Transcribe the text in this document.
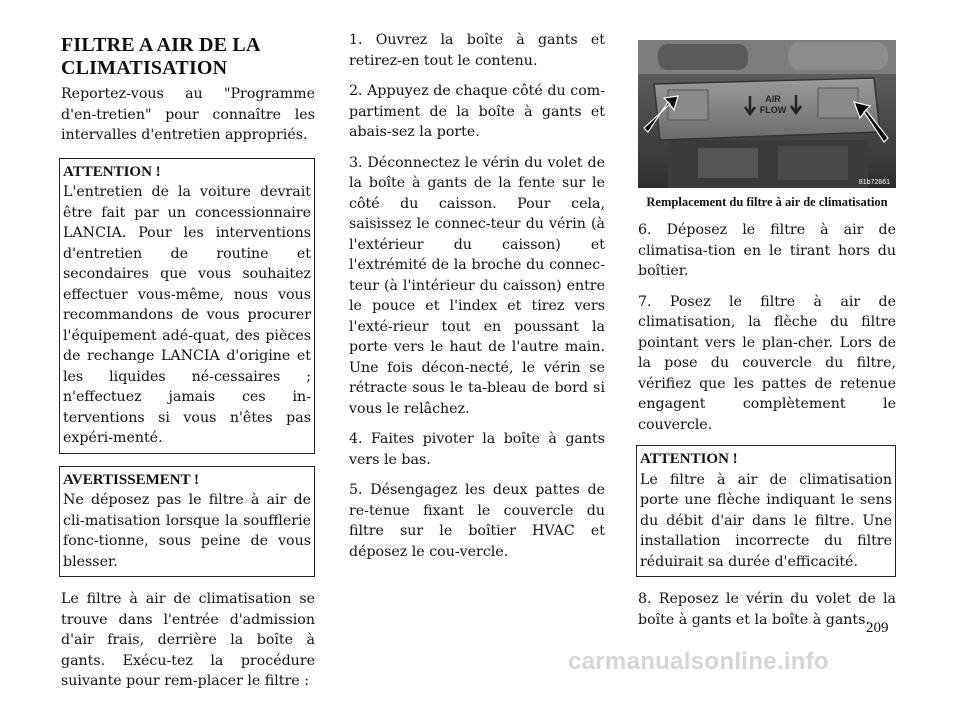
FILTRE A AIR DE LA CLIMATISATION

Reportez-vous au "Programme d'en-tretien" pour connaître les intervalles d'entretien appropriés.

ATTENTION !
L'entretien de la voiture devrait être fait par un concessionnaire LANCIA. Pour les interventions d'entretien de routine et secondaires que vous souhaitez effectuer vous-même, nous vous recommandons de vous procurer l'équipement adé-quat, des pièces de rechange LANCIA d'origine et les liquides né-cessaires ; n'effectuez jamais ces in-terventions si vous n'êtes pas expéri-menté.
AVERTISSEMENT !
Ne déposez pas le filtre à air de cli-matisation lorsque la soufflerie fonc-tionne, sous peine de vous blesser.

Le filtre à air de climatisation se trouve dans l'entrée d'admission d'air frais, derrière la boîte à gants. Exécu-tez la procédure suivante pour rem-placer le filtre :

1. Ouvrez la boîte à gants et retirez-en tout le contenu.

2. Appuyez de chaque côté du com-partiment de la boîte à gants et abais-sez la porte.

3. Déconnectez le vérin du volet de la boîte à gants de la fente sur le côté du caisson. Pour cela, saisissez le connec-teur du vérin (à l'extérieur du caisson) et l'extrémité de la broche du connec-teur (à l'intérieur du caisson) entre le pouce et l'index et tirez vers l'exté-rieur tout en poussant la porte vers le haut de l'autre main. Une fois décon-necté, le vérin se rétracte sous le ta-bleau de bord si vous le relâchez.

4. Faites pivoter la boîte à gants vers le bas.

5. Désengagez les deux pattes de re-tenue fixant le couvercle du filtre sur le boîtier HVAC et déposez le cou-vercle.

AIR
FLOW
81b72861
Remplacement du filtre à air de climatisation

6. Déposez le filtre à air de climatisa-tion en le tirant hors du boîtier.

7. Posez le filtre à air de climatisation, la flèche du filtre pointant vers le plan-cher. Lors de la pose du couvercle du filtre, vérifiez que les pattes de retenue engagent complètement le couvercle.

ATTENTION !
Le filtre à air de climatisation porte une flèche indiquant le sens du débit d'air dans le filtre. Une installation incorrecte du filtre réduirait sa durée d'efficacité.

8. Reposez le vérin du volet de la boîte à gants et la boîte à gants.

209
carmanualsonline.info
